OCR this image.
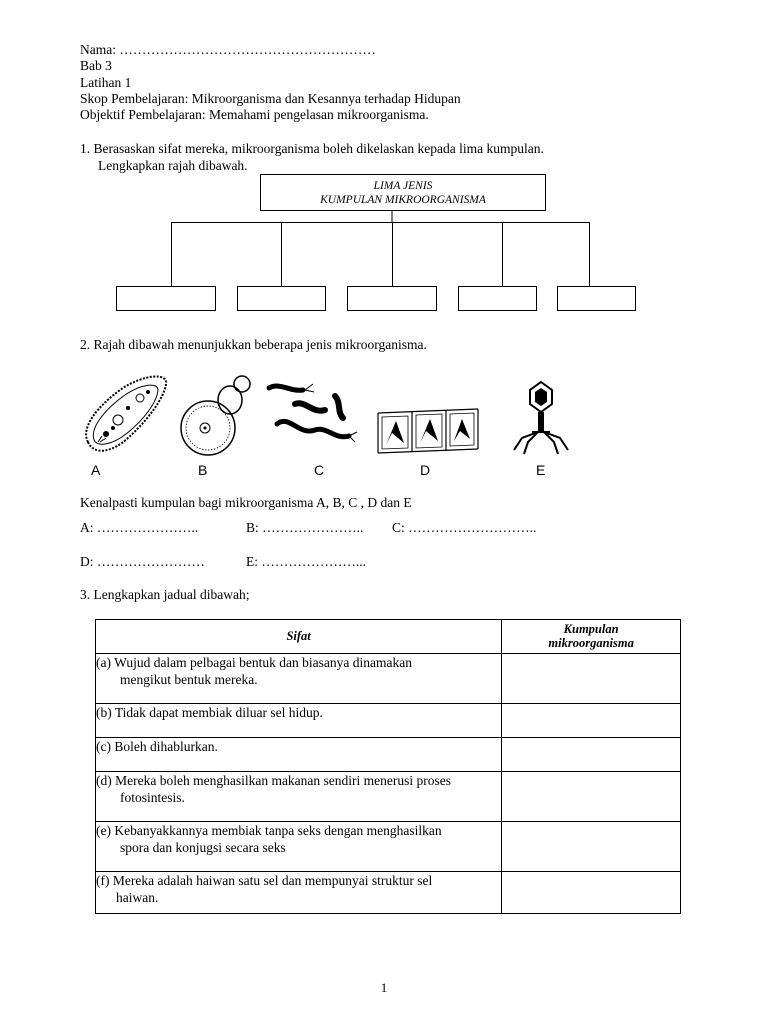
Nama: …………………………………………………
Bab 3
Latihan 1
Skop Pembelajaran: Mikroorganisma dan Kesannya terhadap Hidupan
Objektif Pembelajaran: Memahami pengelasan mikroorganisma.
1. Berasaskan sifat mereka, mikroorganisma boleh dikelaskan kepada lima kumpulan.
Lengkapkan rajah dibawah.
LIMA JENIS
KUMPULAN MIKROORGANISMA
2. Rajah dibawah menunjukkan beberapa jenis mikroorganisma.
A	B	C	D	E
Kenalpasti kumpulan bagi mikroorganisma A, B, C , D dan E
A: …………………..	B: ………………….. C: ………………………..
D: ……………………	E: …………………...
3. Lengkapkan jadual dibawah;
Sifat	Kumpulan
mikroorganisma

(a) Wujud dalam pelbagai bentuk dan biasanya dinamakan
mengikut bentuk mereka.	

(b) Tidak dapat membiak diluar sel hidup.	
(c) Boleh dihablurkan.	
(d) Mereka boleh menghasilkan makanan sendiri menerusi proses
fotosintesis.	

(e) Kebanyakkannya membiak tanpa seks dengan menghasilkan
spora dan konjugsi secara seks	

(f) Mereka adalah haiwan satu sel dan mempunyai struktur sel
haiwan.	

1
